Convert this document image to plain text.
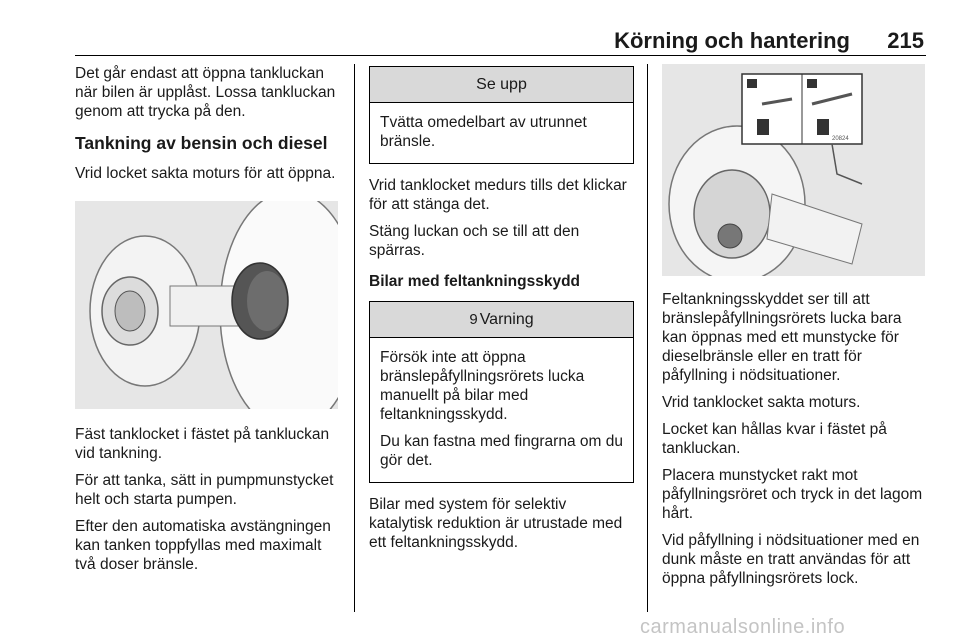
Körning och hantering 215

Det går endast att öppna tankluckan när bilen är upplåst. Lossa tankluckan genom att trycka på den.

Tankning av bensin och diesel

Vrid locket sakta moturs för att öppna.

Fäst tanklocket i fästet på tankluckan vid tankning.

För att tanka, sätt in pumpmunstycket helt och starta pumpen.

Efter den automatiska avstängningen kan tanken toppfyllas med maximalt två doser bränsle.

Se upp

Tvätta omedelbart av utrunnet bränsle.

Vrid tanklocket medurs tills det klickar för att stänga det.

Stäng luckan och se till att den spärras.

Bilar med feltankningsskydd

9 Varning

Försök inte att öppna bränslepåfyllningsrörets lucka manuellt på bilar med feltankningsskydd.

Du kan fastna med fingrarna om du gör det.

Bilar med system för selektiv katalytisk reduktion är utrustade med ett feltankningsskydd.

20824

Feltankningsskyddet ser till att bränslepåfyllningsrörets lucka bara kan öppnas med ett munstycke för dieselbränsle eller en tratt för påfyllning i nödsituationer.

Vrid tanklocket sakta moturs.

Locket kan hållas kvar i fästet på tankluckan.

Placera munstycket rakt mot påfyllningsröret och tryck in det lagom hårt.

Vid påfyllning i nödsituationer med en dunk måste en tratt användas för att öppna påfyllningsrörets lock.

carmanualsonline.info
